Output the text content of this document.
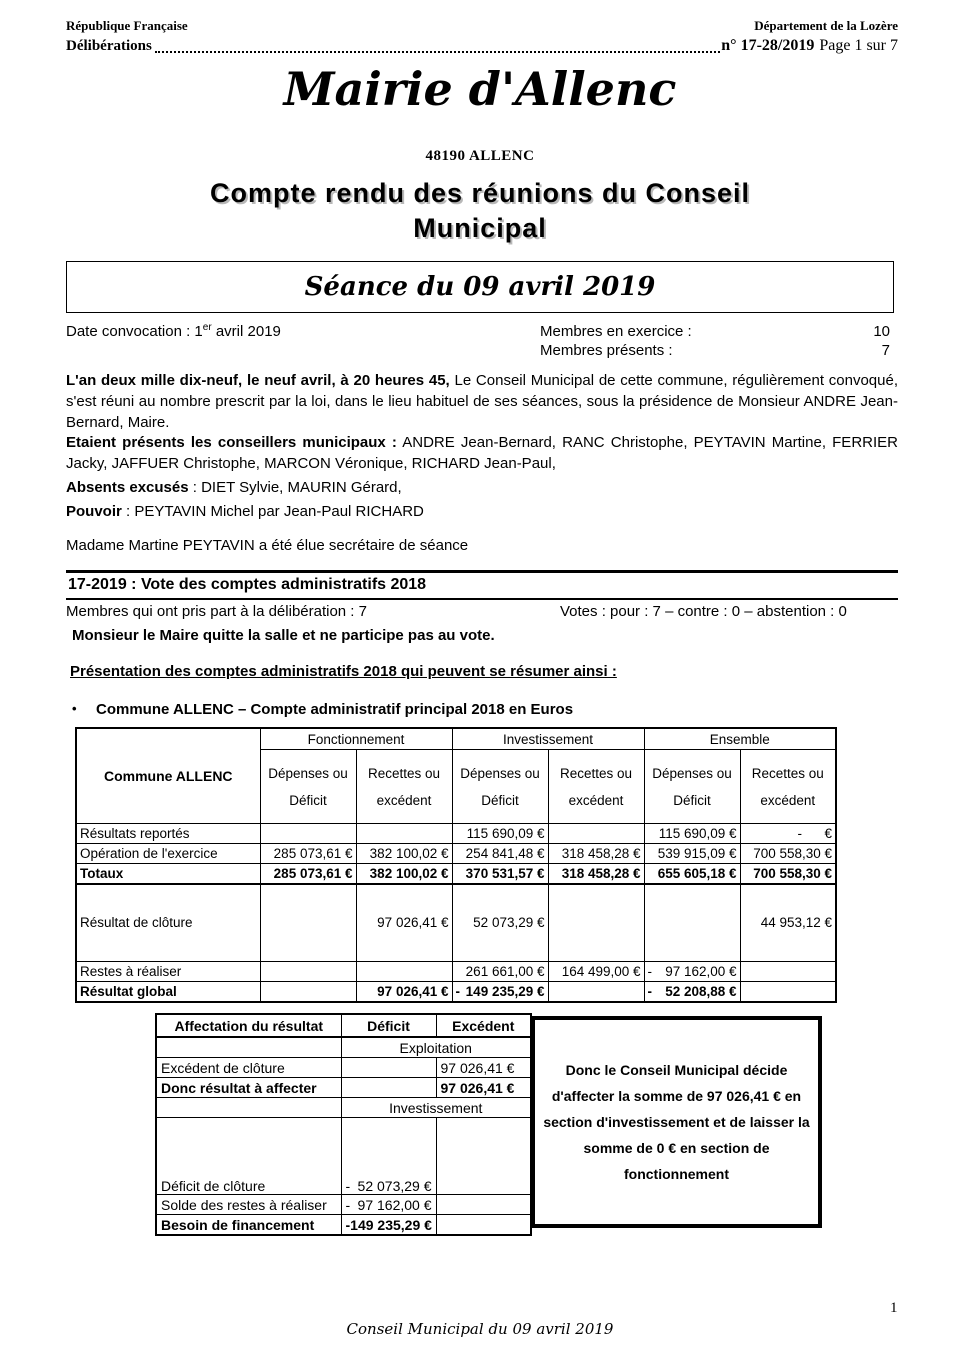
République Française	Département de la Lozère
Délibérations	n° 17-28/2019 Page 1 sur 7
Mairie d'Allenc
48190 ALLENC
Compte rendu des réunions du Conseil
Municipal
Séance du 09 avril 2019
Date convocation : 1er avril 2019	Membres en exercice :	10
Membres présents :	7
L'an deux mille dix-neuf, le neuf avril, à 20 heures 45, Le Conseil Municipal de cette commune, régulièrement convoqué, s'est réuni au nombre prescrit par la loi, dans le lieu habituel de ses séances, sous la présidence de Monsieur ANDRE Jean-Bernard, Maire.
Etaient présents les conseillers municipaux : ANDRE Jean-Bernard, RANC Christophe, PEYTAVIN Martine, FERRIER Jacky, JAFFUER Christophe, MARCON Véronique, RICHARD Jean-Paul,
Absents excusés : DIET Sylvie, MAURIN Gérard,
Pouvoir : PEYTAVIN Michel par Jean-Paul RICHARD
Madame Martine PEYTAVIN a été élue secrétaire de séance
17-2019 : Vote des comptes administratifs 2018
Membres qui ont pris part à la délibération : 7	Votes : pour : 7 – contre : 0 – abstention : 0
Monsieur le Maire quitte la salle et ne participe pas au vote.
Présentation des comptes administratifs 2018 qui peuvent se résumer ainsi :
•	Commune ALLENC – Compte administratif principal 2018 en Euros
Commune ALLENC	Fonctionnement		Investissement		Ensemble	
	Dépenses ou Déficit	Recettes ou excédent	Dépenses ou Déficit	Recettes ou excédent	Dépenses ou Déficit	Recettes ou excédent
Résultats reportés			115 690,09 €		115 690,09 €	-      €
Opération de l'exercice	285 073,61 €	382 100,02 €	254 841,48 €	318 458,28 €	539 915,09 €	700 558,30 €
Totaux	285 073,61 €	382 100,02 €	370 531,57 €	318 458,28 €	655 605,18 €	700 558,30 €
Résultat de clôture		97 026,41 €	52 073,29 €			44 953,12 €
Restes à réaliser			261 661,00 €	164 499,00 €	- 97 162,00 €	

Résultat global		97 026,41 €	- 149 235,29 €		- 52 208,88 €	

Affectation du résultat	Déficit	Excédent
	Exploitation	
Excédent de clôture		97 026,41 €
Donc résultat à affecter		97 026,41 €
	Investissement	
Déficit de clôture	- 52 073,29 €	

Solde des restes à réaliser	- 97 162,00 €	

Besoin de financement	- 149 235,29 €	

Donc le Conseil Municipal décide d'affecter la somme de 97 026,41 € en section d'investissement et de laisser la somme de 0 € en section de fonctionnement

1
Conseil Municipal du 09 avril 2019
